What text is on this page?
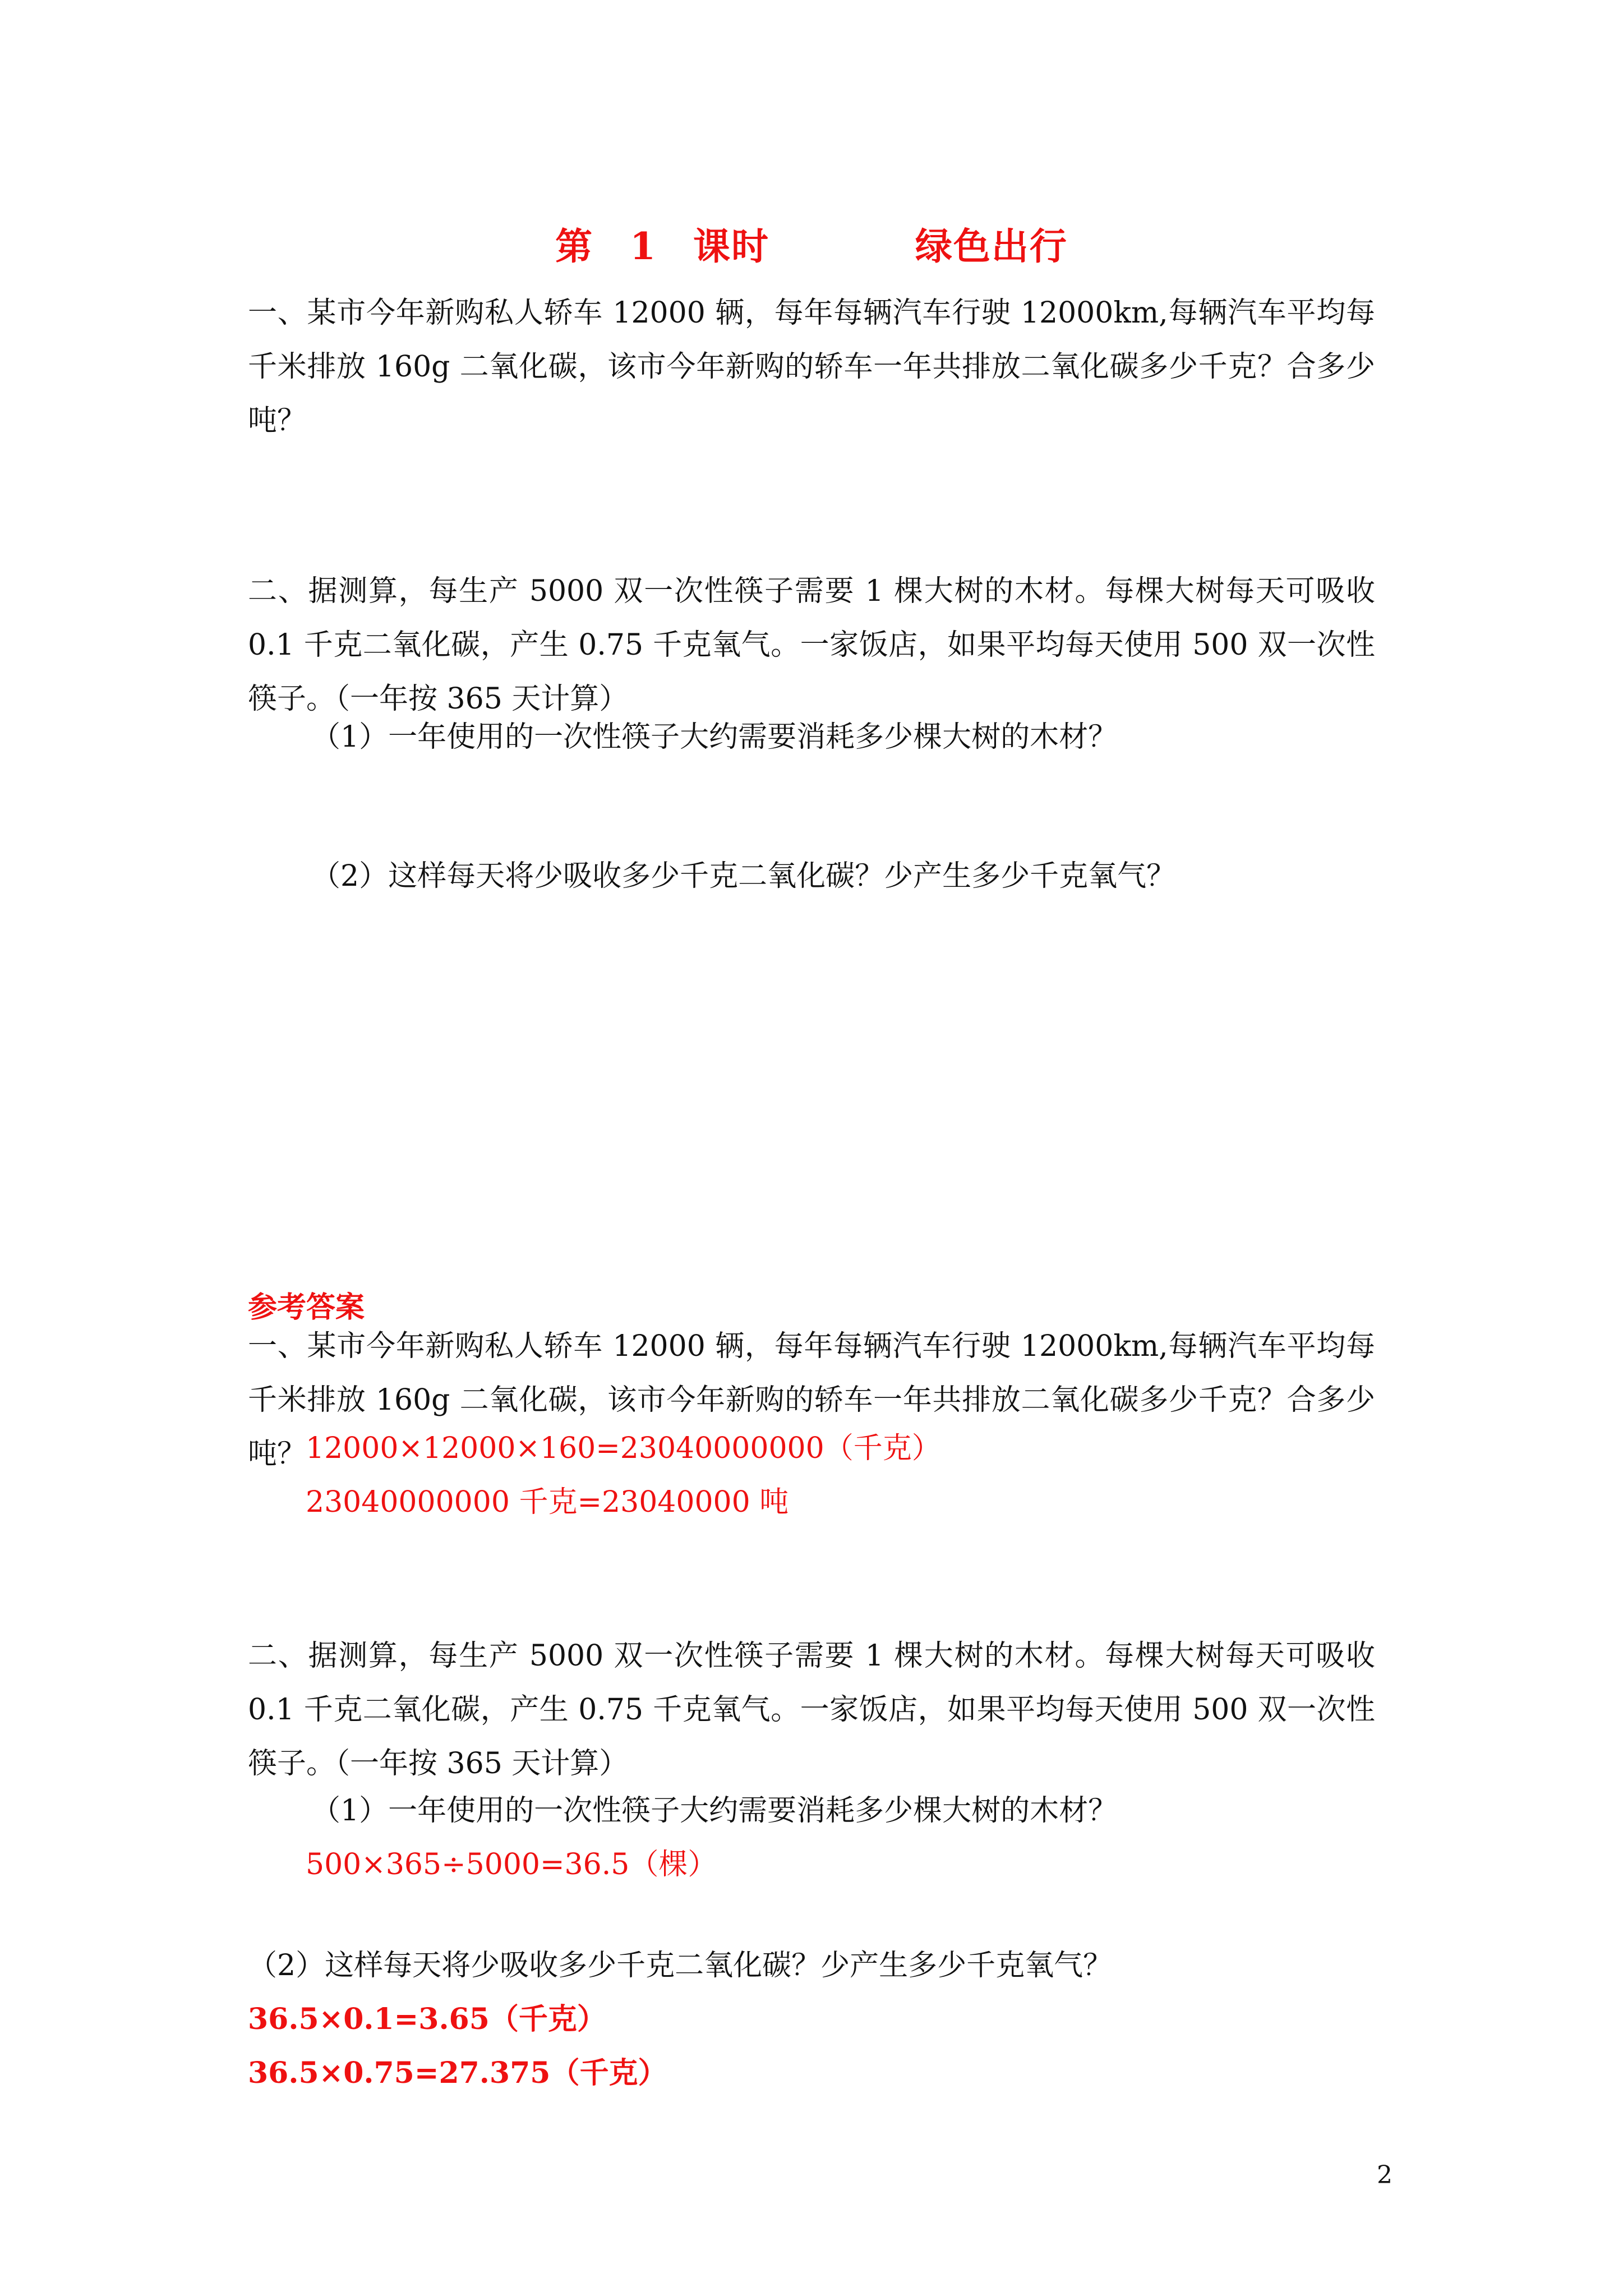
第 1 课时    绿色出行
一、某市今年新购私人轿车 12000 辆，每年每辆汽车行驶 12000km,每辆汽车平均每千米排放 160g 二氧化碳，该市今年新购的轿车一年共排放二氧化碳多少千克？合多少吨？
二、据测算，每生产 5000 双一次性筷子需要 1 棵大树的木材。每棵大树每天可吸收 0.1 千克二氧化碳，产生 0.75 千克氧气。一家饭店，如果平均每天使用 500 双一次性筷子。（一年按 365 天计算）
（1）一年使用的一次性筷子大约需要消耗多少棵大树的木材？
（2）这样每天将少吸收多少千克二氧化碳？少产生多少千克氧气？
参考答案
一、某市今年新购私人轿车 12000 辆，每年每辆汽车行驶 12000km,每辆汽车平均每千米排放 160g 二氧化碳，该市今年新购的轿车一年共排放二氧化碳多少千克？合多少吨？
12000×12000×160=23040000000（千克）
23040000000 千克=23040000 吨
二、据测算，每生产 5000 双一次性筷子需要 1 棵大树的木材。每棵大树每天可吸收 0.1 千克二氧化碳，产生 0.75 千克氧气。一家饭店，如果平均每天使用 500 双一次性筷子。（一年按 365 天计算）
（1）一年使用的一次性筷子大约需要消耗多少棵大树的木材？
500×365÷5000=36.5（棵）
（2）这样每天将少吸收多少千克二氧化碳？少产生多少千克氧气？
36.5×0.1=3.65（千克）
36.5×0.75=27.375（千克）
2
